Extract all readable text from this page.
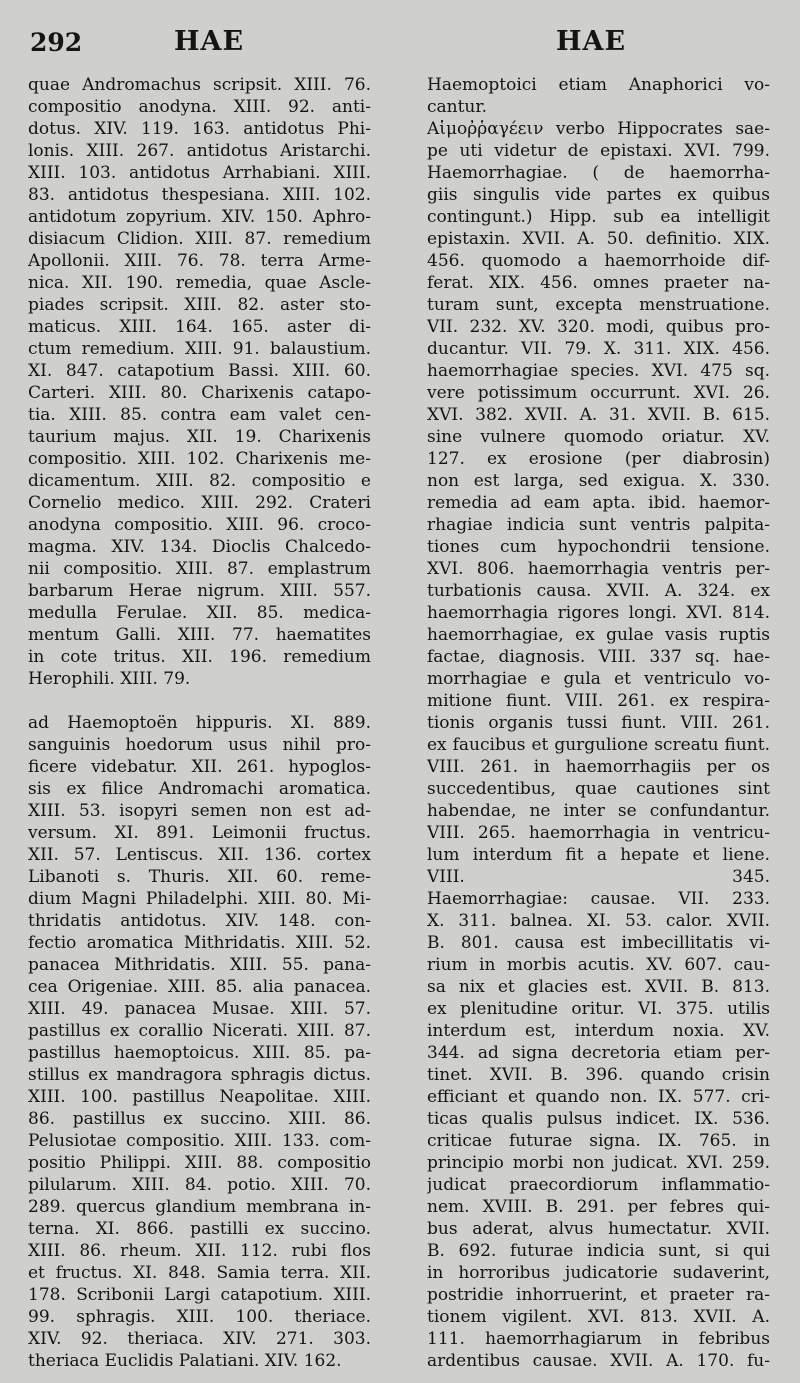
292	HAE	HAE
quae Andromachus scripsit. XIII. 76.
compositio anodyna. XIII. 92. anti-
dotus. XIV. 119. 163. antidotus Phi-
lonis. XIII. 267. antidotus Aristarchi.
XIII. 103. antidotus Arrhabiani. XIII.
83. antidotus thespesiana. XIII. 102.
antidotum zopyrium. XIV. 150. Aphro-
disiacum Clidion. XIII. 87. remedium
Apollonii. XIII. 76. 78. terra Arme-
nica. XII. 190. remedia, quae Ascle-
piades scripsit. XIII. 82. aster sto-
maticus. XIII. 164. 165. aster di-
ctum remedium. XIII. 91. balaustium.
XI. 847. catapotium Bassi. XIII. 60.
Carteri. XIII. 80. Charixenis catapo-
tia. XIII. 85. contra eam valet cen-
taurium majus. XII. 19. Charixenis
compositio. XIII. 102. Charixenis me-
dicamentum. XIII. 82. compositio e
Cornelio medico. XIII. 292. Crateri
anodyna compositio. XIII. 96. croco-
magma. XIV. 134. Dioclis Chalcedo-
nii compositio. XIII. 87. emplastrum
barbarum Herae nigrum. XIII. 557.
medulla Ferulae. XII. 85. medica-
mentum Galli. XIII. 77. haematites
in cote tritus. XII. 196. remedium
Herophili. XIII. 79.
ad Haemoptoën hippuris. XI. 889.
sanguinis hoedorum usus nihil pro-
ficere videbatur. XII. 261. hypoglos-
sis ex filice Andromachi aromatica.
XIII. 53. isopyri semen non est ad-
versum. XI. 891. Leimonii fructus.
XII. 57. Lentiscus. XII. 136. cortex
Libanoti s. Thuris. XII. 60. reme-
dium Magni Philadelphi. XIII. 80. Mi-
thridatis antidotus. XIV. 148. con-
fectio aromatica Mithridatis. XIII. 52.
panacea Mithridatis. XIII. 55. pana-
cea Origeniae. XIII. 85. alia panacea.
XIII. 49. panacea Musae. XIII. 57.
pastillus ex corallio Nicerati. XIII. 87.
pastillus haemoptoicus. XIII. 85. pa-
stillus ex mandragora sphragis dictus.
XIII. 100. pastillus Neapolitae. XIII.
86. pastillus ex succino. XIII. 86.
Pelusiotae compositio. XIII. 133. com-
positio Philippi. XIII. 88. compositio
pilularum. XIII. 84. potio. XIII. 70.
289. quercus glandium membrana in-
terna. XI. 866. pastilli ex succino.
XIII. 86. rheum. XII. 112. rubi flos
et fructus. XI. 848. Samia terra. XII.
178. Scribonii Largi catapotium. XIII.
99. sphragis. XIII. 100. theriace.
XIV. 92. theriaca. XIV. 271. 303.
theriaca Euclidis Palatiani. XIV. 162.
Haemoptoici etiam Anaphorici vo-
cantur.
Αἱμοῤῥαγέειν verbo Hippocrates sae-
pe uti videtur de epistaxi. XVI. 799.
Haemorrhagiae. ( de haemorrha-
giis singulis vide partes ex quibus
contingunt.) Hipp. sub ea intelligit
epistaxin. XVII. A. 50. definitio. XIX.
456. quomodo a haemorrhoide dif-
ferat. XIX. 456. omnes praeter na-
turam sunt, excepta menstruatione.
VII. 232. XV. 320. modi, quibus pro-
ducantur. VII. 79. X. 311. XIX. 456.
haemorrhagiae species. XVI. 475 sq.
vere potissimum occurrunt. XVI. 26.
XVI. 382. XVII. A. 31. XVII. B. 615.
sine vulnere quomodo oriatur. XV.
127. ex erosione (per diabrosin)
non est larga, sed exigua. X. 330.
remedia ad eam apta. ibid. haemor-
rhagiae indicia sunt ventris palpita-
tiones cum hypochondrii tensione.
XVI. 806. haemorrhagia ventris per-
turbationis causa. XVII. A. 324. ex
haemorrhagia rigores longi. XVI. 814.
haemorrhagiae, ex gulae vasis ruptis
factae, diagnosis. VIII. 337 sq. hae-
morrhagiae e gula et ventriculo vo-
mitione fiunt. VIII. 261. ex respira-
tionis organis tussi fiunt. VIII. 261.
ex faucibus et gurgulione screatu fiunt.
VIII. 261. in haemorrhagiis per os
succedentibus, quae cautiones sint
habendae, ne inter se confundantur.
VIII. 265. haemorrhagia in ventricu-
lum interdum fit a hepate et liene.
VIII. 345.
Haemorrhagiae: causae. VII. 233.
X. 311. balnea. XI. 53. calor. XVII.
B. 801. causa est imbecillitatis vi-
rium in morbis acutis. XV. 607. cau-
sa nix et glacies est. XVII. B. 813.
ex plenitudine oritur. VI. 375. utilis
interdum est, interdum noxia. XV.
344. ad signa decretoria etiam per-
tinet. XVII. B. 396. quando crisin
efficiant et quando non. IX. 577. cri-
ticas qualis pulsus indicet. IX. 536.
criticae futurae signa. IX. 765. in
principio morbi non judicat. XVI. 259.
judicat praecordiorum inflammatio-
nem. XVIII. B. 291. per febres qui-
bus aderat, alvus humectatur. XVII.
B. 692. futurae indicia sunt, si qui
in horroribus judicatorie sudaverint,
postridie inhorruerint, et praeter ra-
tionem vigilent. XVI. 813. XVII. A.
111. haemorrhagiarum in febribus
ardentibus causae. XVII. A. 170. fu-
